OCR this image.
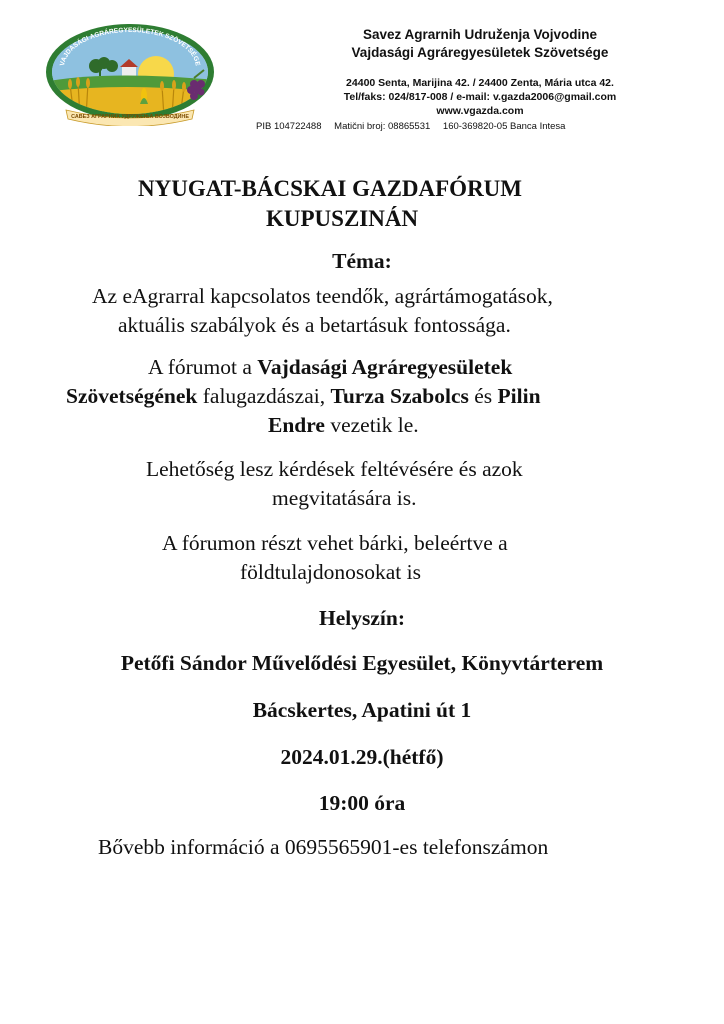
VAJDASÁGI AGRÁREGYESÜLETEK SZÖVETSÉGE
САВЕЗ АГРАРНИХ УДРУЖЕЊА ВОЈВОДИНЕ
Savez Agrarnih Udruženja Vojvodine
Vajdasági Agráregyesületek Szövetsége
24400 Senta, Marijina 42. / 24400 Zenta, Mária utca 42.
Tel/faks: 024/817-008 / e-mail: v.gazda2006@gmail.com
www.vgazda.com
PIB 104722488 Matični broj: 08865531 160-369820-05 Banca Intesa
NYUGAT-BÁCSKAI GAZDAFÓRUM
KUPUSZINÁN
Téma:
Az eAgrarral kapcsolatos teendők, agrártámogatások,
aktuális szabályok és a betartásuk fontossága.
A fórumot a Vajdasági Agráregyesületek
Szövetségének falugazdászai, Turza Szabolcs és Pilin
Endre vezetik le.
Lehetőség lesz kérdések feltévésére és azok
megvitatására is.
A fórumon részt vehet bárki, beleértve a
földtulajdonosokat is
Helyszín:
Petőfi Sándor Művelődési Egyesület, Könyvtárterem
Bácskertes, Apatini út 1
2024.01.29.(hétfő)
19:00 óra
Bővebb információ a 0695565901-es telefonszámon
